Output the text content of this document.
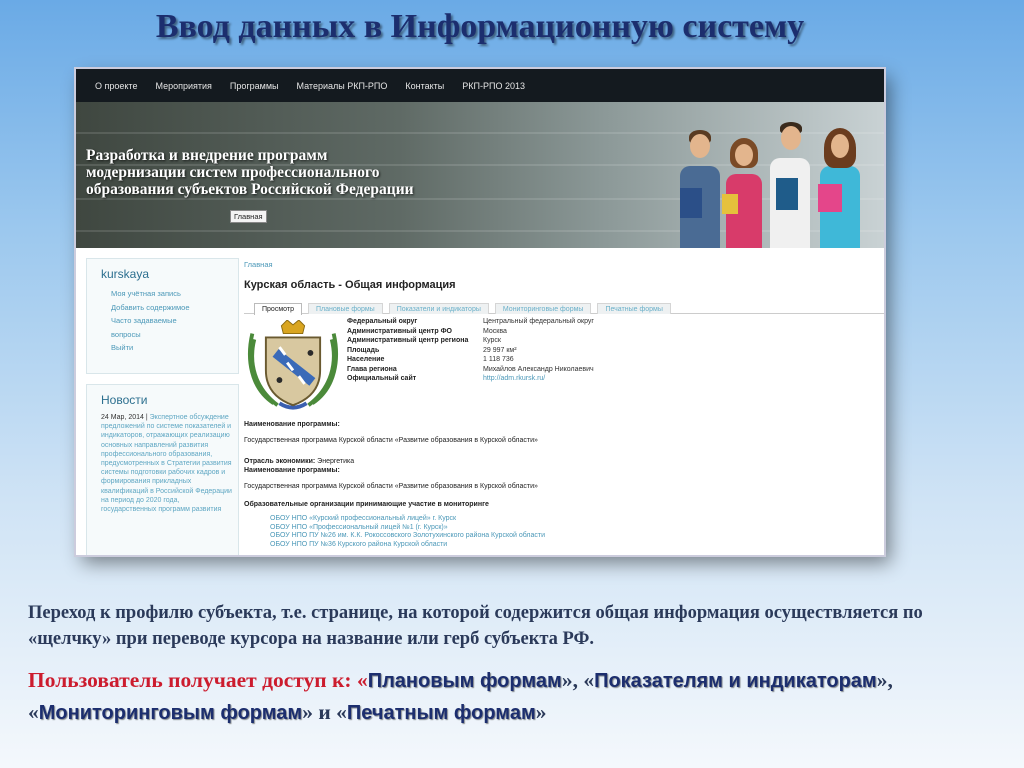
Ввод данных в Информационную систему
О проекте Мероприятия Программы Материалы РКП-РПО Контакты РКП-РПО 2013
Разработка и внедрение программ
модернизации систем профессионального
образования субъектов Российской Федерации
Главная
kurskaya
Моя учётная запись
Добавить содержимое
Часто задаваемые
вопросы
Выйти
Новости
24 Мар, 2014 | Экспертное обсуждение предложений по системе показателей и индикаторов, отражающих реализацию основных направлений развития профессионального образования, предусмотренных в Стратегии развития системы подготовки рабочих кадров и формирования прикладных квалификаций в Российской Федерации на период до 2020 года, государственных программ развития
Главная
Курская область - Общая информация
Просмотр	Плановые формы	Показатели и индикаторы	Мониторинговые формы	Печатные формы
Федеральный округ	Центральный федеральный округ
Административный центр ФО	Москва
Административный центр региона	Курск
Площадь	29 997 км²
Население	1 118 736
Глава региона	Михайлов Александр Николаевич
Официальный сайт	http://adm.rkursk.ru/
Наименование программы:
Государственная программа Курской области «Развитие образования в Курской области»
Отрасль экономики: Энергетика
Наименование программы:
Государственная программа Курской области «Развитие образования в Курской области»
Образовательные организации принимающие участие в мониторинге
ОБОУ НПО «Курский профессиональный лицей» г. Курск
ОБОУ НПО «Профессиональный лицей №1 (г. Курск)»
ОБОУ НПО ПУ №26 им. К.К. Рокоссовского Золотухинского района Курской области
ОБОУ НПО ПУ №36 Курского района Курской области
Переход к профилю субъекта, т.е. странице, на которой содержится общая информация осуществляется по «щелчку» при переводе курсора на название или герб субъекта РФ.
Пользователь получает доступ к: «Плановым формам», «Показателям и индикаторам», «Мониторинговым формам» и «Печатным формам»
